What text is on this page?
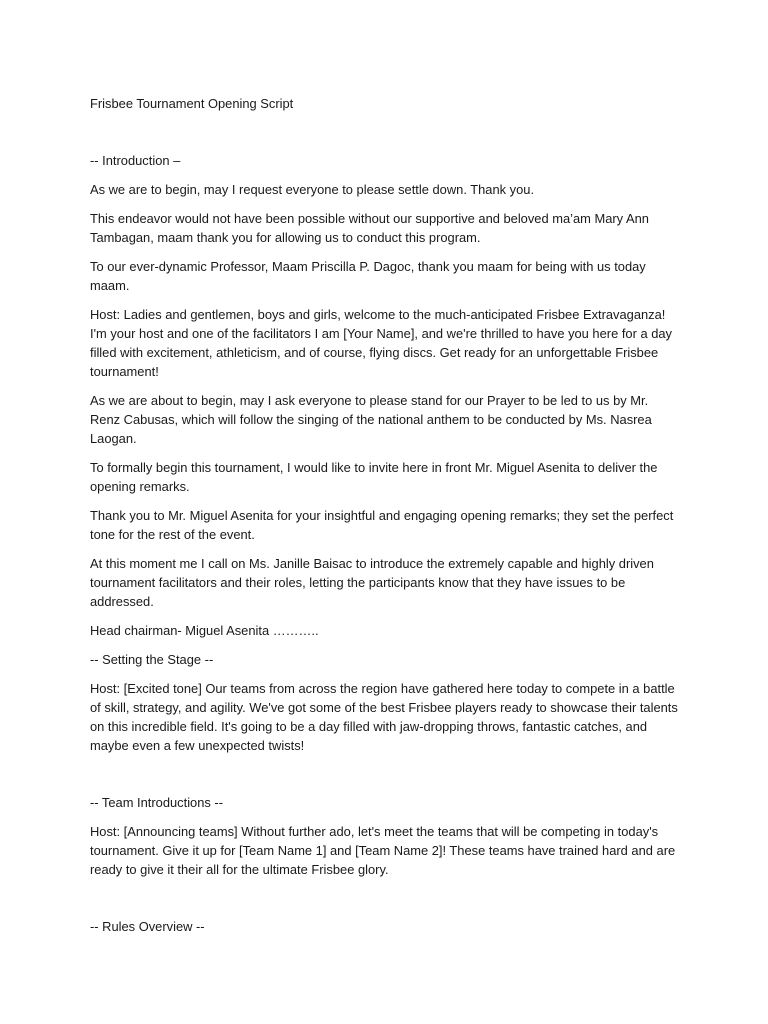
Frisbee Tournament Opening Script

-- Introduction –

As we are to begin, may I request everyone to please settle down. Thank you.

This endeavor would not have been possible without our supportive and beloved ma’am Mary Ann Tambagan, maam thank you for allowing us to conduct this program.

To our ever-dynamic Professor, Maam Priscilla P. Dagoc, thank you maam for being with us today maam.

Host: Ladies and gentlemen, boys and girls, welcome to the much-anticipated Frisbee Extravaganza! I'm your host and one of the facilitators I am [Your Name], and we're thrilled to have you here for a day filled with excitement, athleticism, and of course, flying discs. Get ready for an unforgettable Frisbee tournament!

As we are about to begin, may I ask everyone to please stand for our Prayer to be led to us by Mr. Renz Cabusas, which will follow the singing of the national anthem to be conducted by Ms. Nasrea Laogan.

To formally begin this tournament, I would like to invite here in front Mr. Miguel Asenita to deliver the opening remarks.

Thank you to Mr. Miguel Asenita for your insightful and engaging opening remarks; they set the perfect tone for the rest of the event.

At this moment me I call on Ms. Janille Baisac to introduce the extremely capable and highly driven tournament facilitators and their roles, letting the participants know that they have issues to be addressed.

Head chairman- Miguel Asenita ………..

-- Setting the Stage --

Host: [Excited tone] Our teams from across the region have gathered here today to compete in a battle of skill, strategy, and agility. We've got some of the best Frisbee players ready to showcase their talents on this incredible field. It's going to be a day filled with jaw-dropping throws, fantastic catches, and maybe even a few unexpected twists!

-- Team Introductions --

Host: [Announcing teams] Without further ado, let's meet the teams that will be competing in today's tournament. Give it up for [Team Name 1] and [Team Name 2]! These teams have trained hard and are ready to give it their all for the ultimate Frisbee glory.

-- Rules Overview --
